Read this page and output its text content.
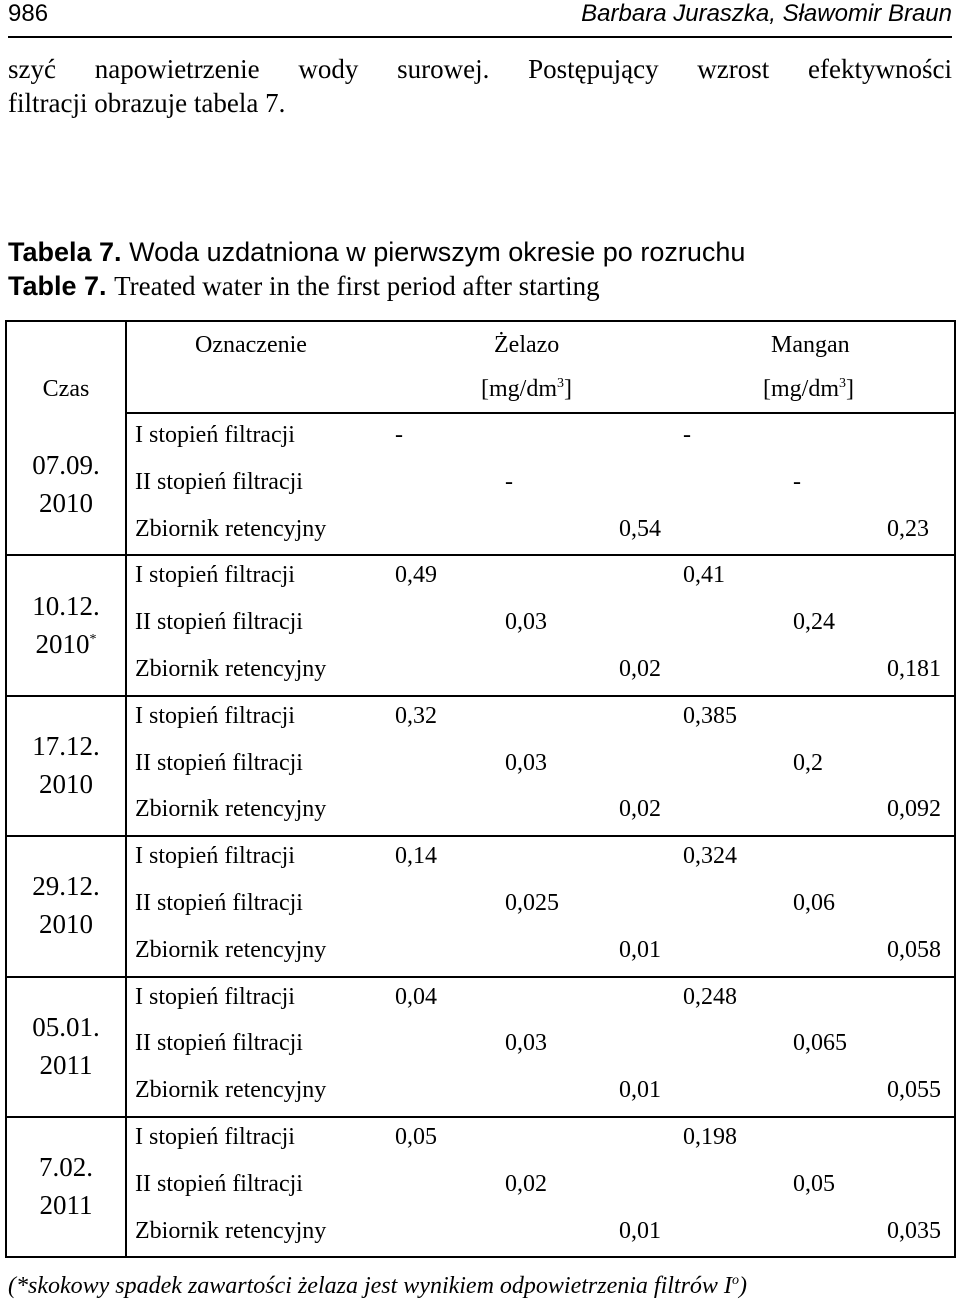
986	Barbara Juraszka, Sławomir Braun
szyć napowietrzenie wody surowej. Postępujący wzrost efektywności
filtracji obrazuje tabela 7.
Tabela 7. Woda uzdatniona w pierwszym okresie po rozruchu
Table 7. Treated water in the first period after starting
Oznaczenie	Żelazo	Mangan
Czas	$[mg/dm^3]$	$[mg/dm^3]$
07.09.
2010
I stopień filtracji	-	-
II stopień filtracji	-	-
Zbiornik retencyjny	0,54	0,23
10.12.
2010*
I stopień filtracji	0,49	0,41
II stopień filtracji	0,03	0,24
Zbiornik retencyjny	0,02	0,181
17.12.
2010
I stopień filtracji	0,32	0,385
II stopień filtracji	0,03	0,2
Zbiornik retencyjny	0,02	0,092
29.12.
2010
I stopień filtracji	0,14	0,324
II stopień filtracji	0,025	0,06
Zbiornik retencyjny	0,01	0,058
05.01.
2011
I stopień filtracji	0,04	0,248
II stopień filtracji	0,03	0,065
Zbiornik retencyjny	0,01	0,055
7.02.
2011
I stopień filtracji	0,05	0,198
II stopień filtracji	0,02	0,05
Zbiornik retencyjny	0,01	0,035
(*skokowy spadek zawartości żelaza jest wynikiem odpowietrzenia filtrów $I^o$)
